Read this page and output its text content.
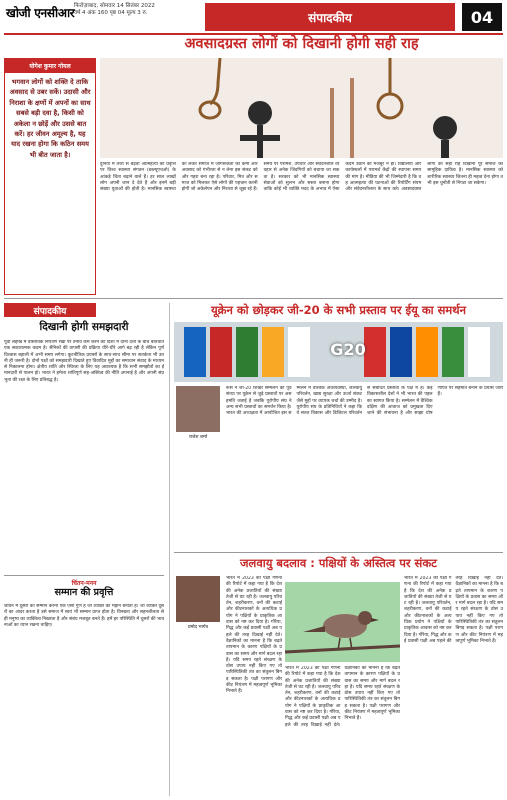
खोजी एनसीआर फिरोज़ाबाद, सोमवार 14 सितंबर 2022
वर्ष 4 अंक 160 पृष्ठ 04 मूल्य 3 रु.	संपादकीय	04
अवसादग्रस्त लोगों को दिखानी होगी सही राह
योगेश कुमार गोयल
भगवान लोगों को शक्ति दे ताकि अवसाद से उबर सकें। उदासी और निराशा के क्षणों में अपनों का साथ सबसे बड़ी दवा है, किसी को अकेला न छोड़ें और उससे बात करें। हर जीवन अमूल्य है, यह याद रखना होगा कि कठिन समय भी बीत जाता है।
दुनिया में तेजी से बढ़ती आत्महत्या की प्रवृत्ति पर विश्व स्वास्थ्य संगठन (डब्ल्यूएचओ) के आंकड़े चिंता बढ़ाने वाले हैं। हर साल लाखों लोग अपनी जान दे देते हैं और इनमें बड़ी संख्या युवाओं की होती है। मानसिक स्वास्थ्य को लेकर समाज में जागरूकता की कमी और अवसाद को गंभीरता से न लेना इस संकट को और गहरा बना रहा है। परिवार, मित्र और समाज को मिलकर ऐसे लोगों की पहचान करनी होगी जो अकेलेपन और निराशा से जूझ रहे हैं। समय पर परामर्श, उपचार और संवेदनशील व्यवहार से अनेक जिंदगियों को बचाया जा सकता है। सरकार को भी मानसिक स्वास्थ्य सेवाओं को सुलभ और सस्ता बनाना होगा ताकि कोई भी व्यक्ति मदद के अभाव में ऐसा कदम उठाने को मजबूर न हो। विद्यालयों और कार्यस्थलों में परामर्श केंद्रों की स्थापना समय की मांग है। मीडिया की भी जिम्मेदारी है कि वह आत्महत्या की घटनाओं की रिपोर्टिंग संयम और संवेदनशीलता के साथ करे। अवसादग्रस्त लोगों को सही राह दिखाना पूरे समाज का सामूहिक दायित्व है। मानसिक स्वास्थ्य को शारीरिक स्वास्थ्य जितना ही महत्व देना होगा तभी इस चुनौती से निपटा जा सकेगा।
संपादकीय
दिखानी होगी समझदारी
पूर्वी लद्दाख में वास्तविक नियंत्रण रेखा पर तनाव कम करने की दिशा में दोनों देशों के बीच बातचीत एक सकारात्मक कदम है। सैनिकों की वापसी की प्रक्रिया धीरे-धीरे आगे बढ़ रही है लेकिन पूर्ण विश्वास बहाली में अभी समय लगेगा। कूटनीतिक प्रयासों के साथ-साथ सीमा पर सतर्कता भी उतनी ही जरूरी है। दोनों पक्षों को समझदारी दिखाते हुए विवादित मुद्दों का समाधान संवाद के माध्यम से निकालना होगा। क्षेत्रीय शांति और स्थिरता के लिए यह आवश्यक है कि सभी समझौतों का ईमानदारी से पालन हो। भारत ने हमेशा शांतिपूर्ण सह-अस्तित्व की नीति अपनाई है और अपनी संप्रभुता की रक्षा के लिए प्रतिबद्ध है।
चिंतन-मनन
सम्मान की प्रवृत्ति
जीवन में दूसरों का सम्मान करना एक ऐसा गुण है जो व्यक्ति को महान बनाता है। जो व्यक्ति दूसरों का आदर करता है उसे समाज में स्वयं भी सम्मान प्राप्त होता है। विनम्रता और सहनशीलता से ही मनुष्य का व्यक्तित्व निखरता है और संबंध मजबूत बनते हैं। हमें हर परिस्थिति में दूसरों की भावनाओं का ध्यान रखना चाहिए।
यूक्रेन को छोड़कर जी-20 के सभी प्रस्ताव पर ईयू का समर्थन
G20
राजेश शर्मा
रूस ने जी-20 शिखर सम्मेलन की पूर्व संध्या पर यूक्रेन से जुड़े प्रस्तावों पर असहमति जताई है जबकि यूरोपीय संघ ने अन्य सभी प्रस्तावों का समर्थन किया है। भारत की अध्यक्षता में आयोजित इस सम्मेलन में वैश्विक अर्थव्यवस्था, जलवायु परिवर्तन, खाद्य सुरक्षा और ऊर्जा संकट जैसे मुद्दों पर व्यापक चर्चा की उम्मीद है। यूरोपीय संघ के प्रतिनिधियों ने कहा कि वे सतत विकास और डिजिटल परिवर्तन से संबंधित प्रस्तावों के पक्ष में हैं। कई विकासशील देशों ने भी भारत की पहल का स्वागत किया है। सम्मेलन में वैश्विक दक्षिण की आवाज को प्रमुखता दिए जाने की संभावना है और साझा घोषणापत्र पर सहमति बनाने के प्रयास जारी हैं।
जलवायु बदलाव : पक्षियों के अस्तित्व पर संकट
प्रमोद भार्गव
भारत में 2023 की पक्षी गणना की रिपोर्ट में कहा गया है कि देश की अनेक प्रजातियों की संख्या तेजी से घट रही है। जलवायु परिवर्तन, शहरीकरण, वनों की कटाई और कीटनाशकों के अत्यधिक प्रयोग ने पक्षियों के प्राकृतिक आवास को नष्ट कर दिया है। गौरैया, गिद्ध और कई प्रवासी पक्षी अब पहले की तरह दिखाई नहीं देते। वैज्ञानिकों का मानना है कि बढ़ते तापमान के कारण पक्षियों के प्रवास का समय और मार्ग बदल रहा है। यदि समय रहते संरक्षण के ठोस उपाय नहीं किए गए तो पारिस्थितिकी तंत्र का संतुलन बिगड़ सकता है। पक्षी परागण और कीट नियंत्रण में महत्वपूर्ण भूमिका निभाते हैं।
भारत में 2023 की पक्षी गणना की रिपोर्ट में कहा गया है कि देश की अनेक प्रजातियों की संख्या तेजी से घट रही है। जलवायु परिवर्तन, शहरीकरण, वनों की कटाई और कीटनाशकों के अत्यधिक प्रयोग ने पक्षियों के प्राकृतिक आवास को नष्ट कर दिया है। गौरैया, गिद्ध और कई प्रवासी पक्षी अब पहले की तरह दिखाई नहीं देते। वैज्ञानिकों का मानना है कि बढ़ते तापमान के कारण पक्षियों के प्रवास का समय और मार्ग बदल रहा है। यदि समय रहते संरक्षण के ठोस उपाय नहीं किए गए तो पारिस्थितिकी तंत्र का संतुलन बिगड़ सकता है। पक्षी परागण और कीट नियंत्रण में महत्वपूर्ण भूमिका निभाते हैं।
भारत में 2023 की पक्षी गणना की रिपोर्ट में कहा गया है कि देश की अनेक प्रजातियों की संख्या तेजी से घट रही है। जलवायु परिवर्तन, शहरीकरण, वनों की कटाई और कीटनाशकों के अत्यधिक प्रयोग ने पक्षियों के प्राकृतिक आवास को नष्ट कर दिया है। गौरैया, गिद्ध और कई प्रवासी पक्षी अब पहले की तरह दिखाई नहीं देते। वैज्ञानिकों का मानना है कि बढ़ते तापमान के कारण पक्षियों के प्रवास का समय और मार्ग बदल रहा है। यदि समय रहते संरक्षण के ठोस उपाय नहीं किए गए तो पारिस्थितिकी तंत्र का संतुलन बिगड़ सकता है। पक्षी परागण और कीट नियंत्रण में महत्वपूर्ण भूमिका निभाते हैं।
